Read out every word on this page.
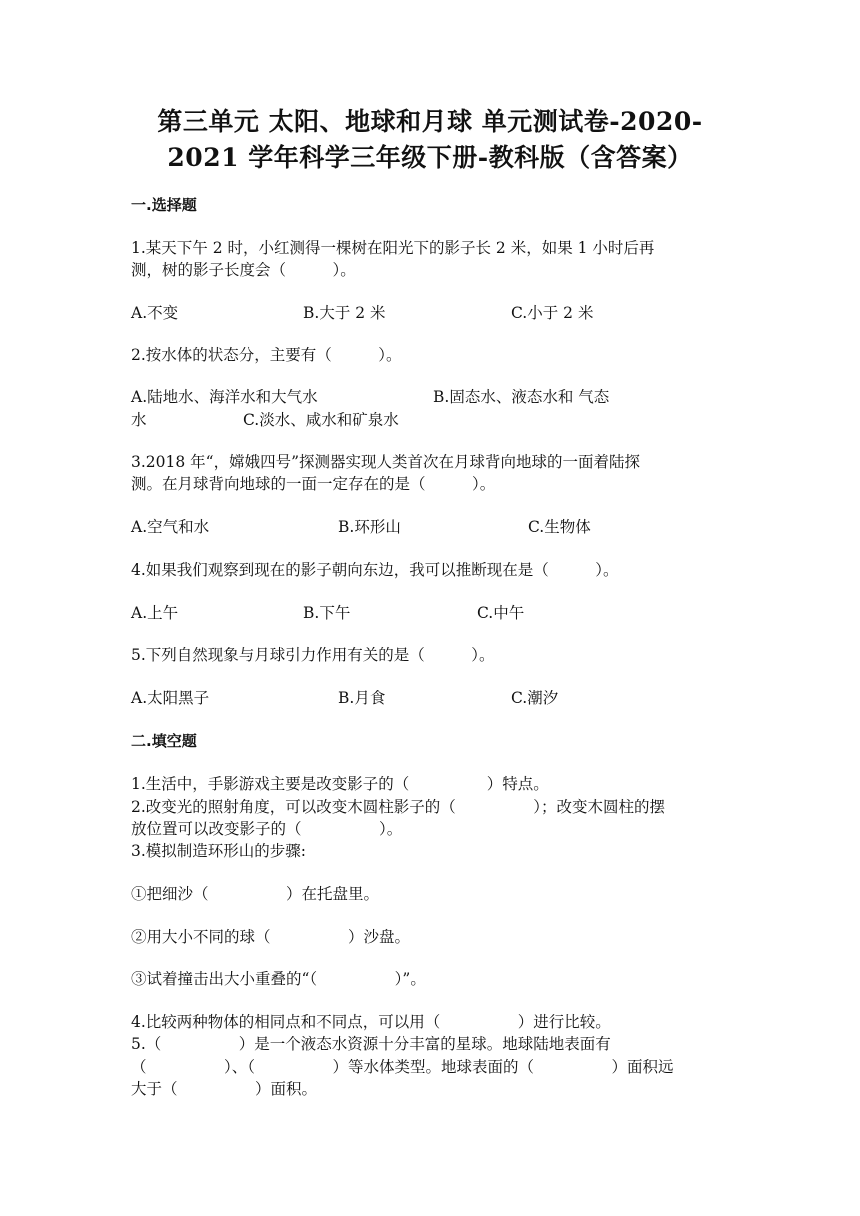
第三单元 太阳、地球和月球 单元测试卷-2020-
2021 学年科学三年级下册-教科版（含答案）
一.选择题
1.某天下午 2 时，小红测得一棵树在阳光下的影子长 2 米，如果 1 小时后再
测，树的影子长度会（　　　）。
A.不变	B.大于 2 米	C.小于 2 米
2.按水体的状态分，主要有（　　　）。
A.陆地水、海洋水和大气水	B.固态水、液态水和 气态
水	C.淡水、咸水和矿泉水
3.2018 年“，嫦娥四号”探测器实现人类首次在月球背向地球的一面着陆探
测。在月球背向地球的一面一定存在的是（　　　）。
A.空气和水	B.环形山	C.生物体
4.如果我们观察到现在的影子朝向东边，我可以推断现在是（　　　）。
A.上午	B.下午	C.中午
5.下列自然现象与月球引力作用有关的是（　　　）。
A.太阳黑子	B.月食	C.潮汐
二.填空题
1.生活中，手影游戏主要是改变影子的（　　　　　）特点。
2.改变光的照射角度，可以改变木圆柱影子的（　　　　　）；改变木圆柱的摆
放位置可以改变影子的（　　　　　）。
3.模拟制造环形山的步骤:
①把细沙（　　　　　）在托盘里。
②用大小不同的球（　　　　　）沙盘。
③试着撞击出大小重叠的“（　　　　　）”。
4.比较两种物体的相同点和不同点，可以用（　　　　　）进行比较。
5.（　　　　　）是一个液态水资源十分丰富的星球。地球陆地表面有
（　　　　　）、（　　　　　）等水体类型。地球表面的（　　　　　）面积远
大于（　　　　　）面积。
